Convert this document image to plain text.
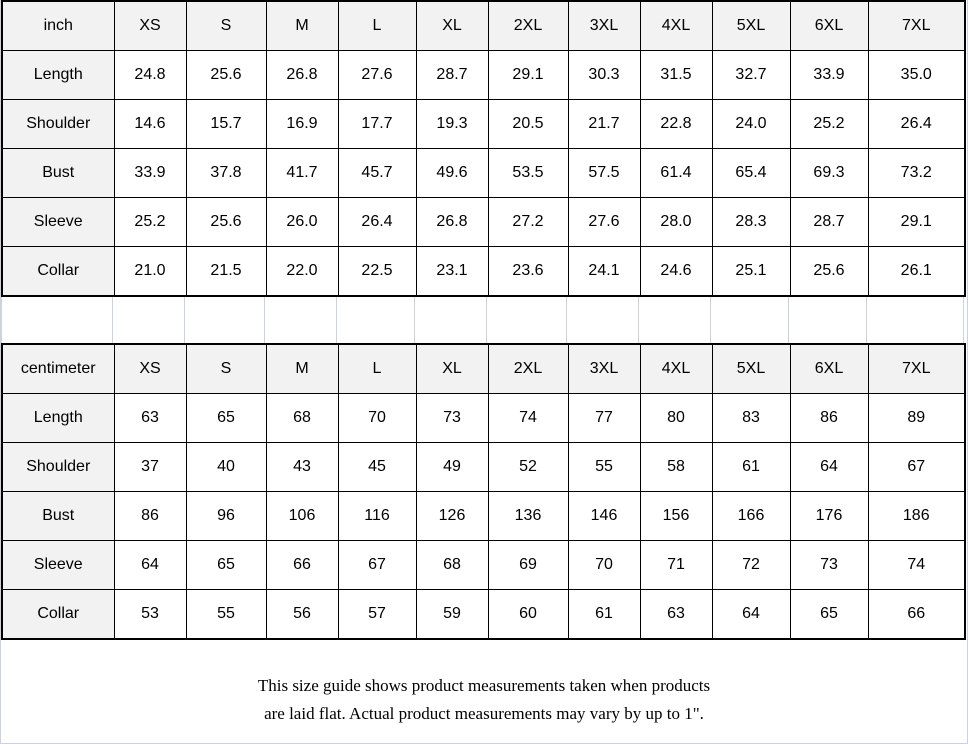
inch	XS	S	M	L	XL	2XL	3XL	4XL	5XL	6XL	7XL
Length	24.8	25.6	26.8	27.6	28.7	29.1	30.3	31.5	32.7	33.9	35.0
Shoulder	14.6	15.7	16.9	17.7	19.3	20.5	21.7	22.8	24.0	25.2	26.4
Bust	33.9	37.8	41.7	45.7	49.6	53.5	57.5	61.4	65.4	69.3	73.2
Sleeve	25.2	25.6	26.0	26.4	26.8	27.2	27.6	28.0	28.3	28.7	29.1
Collar	21.0	21.5	22.0	22.5	23.1	23.6	24.1	24.6	25.1	25.6	26.1
centimeter	XS	S	M	L	XL	2XL	3XL	4XL	5XL	6XL	7XL
Length	63	65	68	70	73	74	77	80	83	86	89
Shoulder	37	40	43	45	49	52	55	58	61	64	67
Bust	86	96	106	116	126	136	146	156	166	176	186
Sleeve	64	65	66	67	68	69	70	71	72	73	74
Collar	53	55	56	57	59	60	61	63	64	65	66
This size guide shows product measurements taken when products
are laid flat. Actual product measurements may vary by up to 1".
